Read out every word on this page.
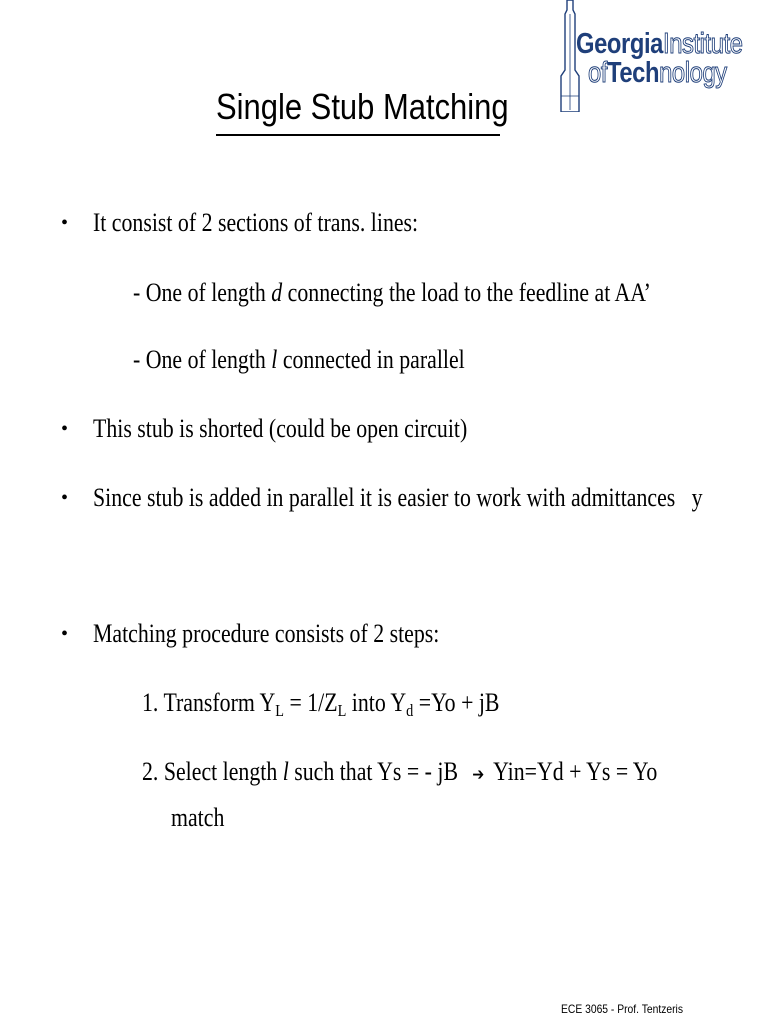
GeorgiaInstitute
ofTechnology
Single Stub Matching
• It consist of 2 sections of trans. lines:
- One of length d connecting the load to the feedline at AA’
- One of length l connected in parallel
• This stub is shorted (could be open circuit)
• Since stub is added in parallel it is easier to work with admittances y
• Matching procedure consists of 2 steps:
1. Transform $Y_L = 1/Z_L$ into $Y_d =Yo$ + jB
2. Select length l such that Ys = - jB ➔ Yin=Yd + Ys = Yo
match
ECE 3065 - Prof. Tentzeris
